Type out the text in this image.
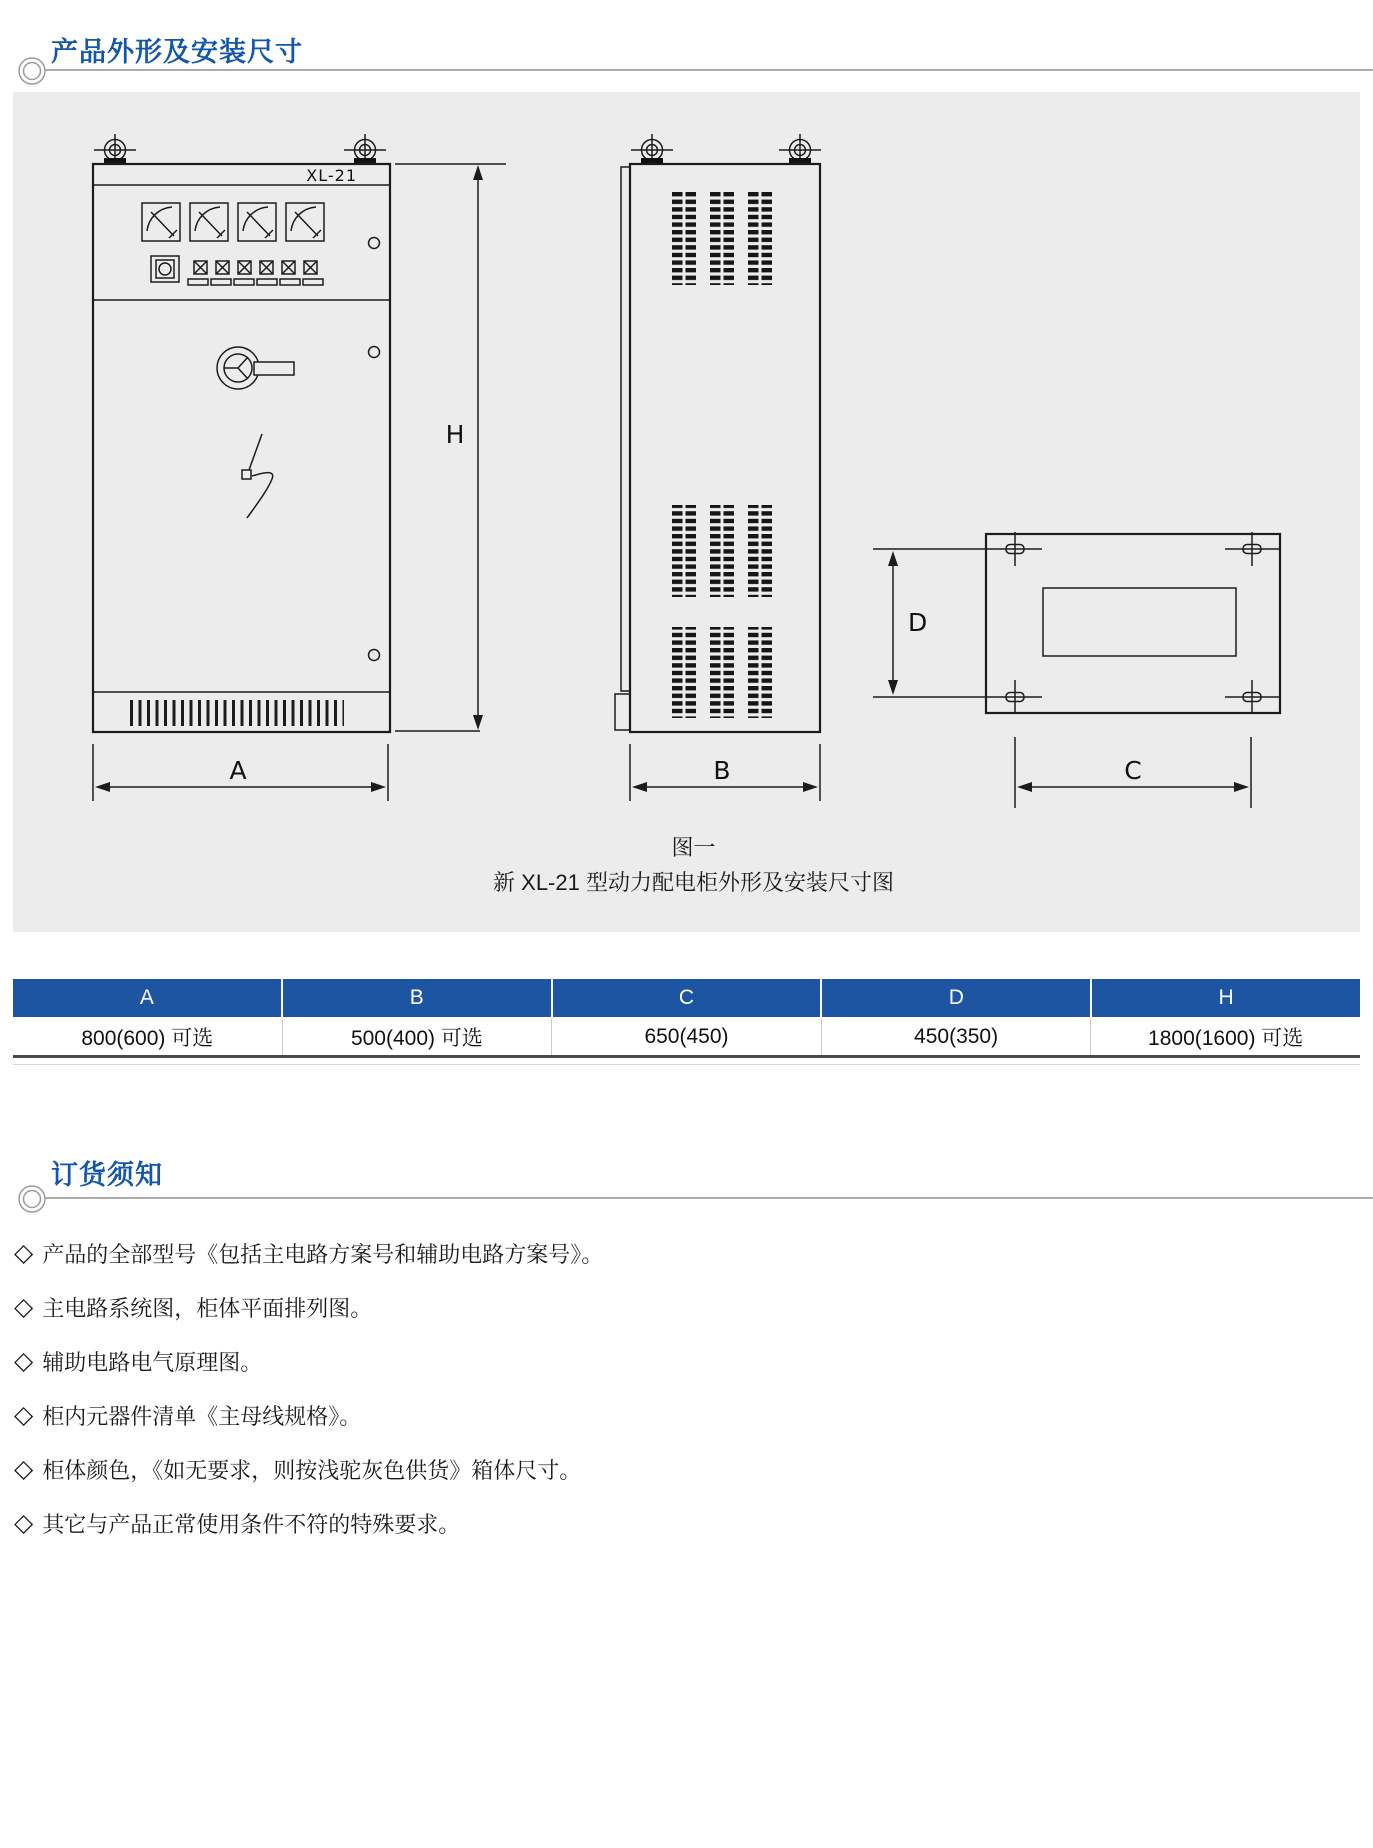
产品外形及安装尺寸
XL-21
A
H
B
D
C
图一
新 XL-21 型动力配电柜外形及安装尺寸图
A	B	C	D	H
800(600) 可选	500(400) 可选	650(450)	450(350)	1800(1600) 可选
订货须知
◇ 产品的全部型号《包括主电路方案号和辅助电路方案号》。
◇ 主电路系统图，柜体平面排列图。
◇ 辅助电路电气原理图。
◇ 柜内元器件清单《主母线规格》。
◇ 柜体颜色，《如无要求，则按浅驼灰色供货》箱体尺寸。
◇ 其它与产品正常使用条件不符的特殊要求。
